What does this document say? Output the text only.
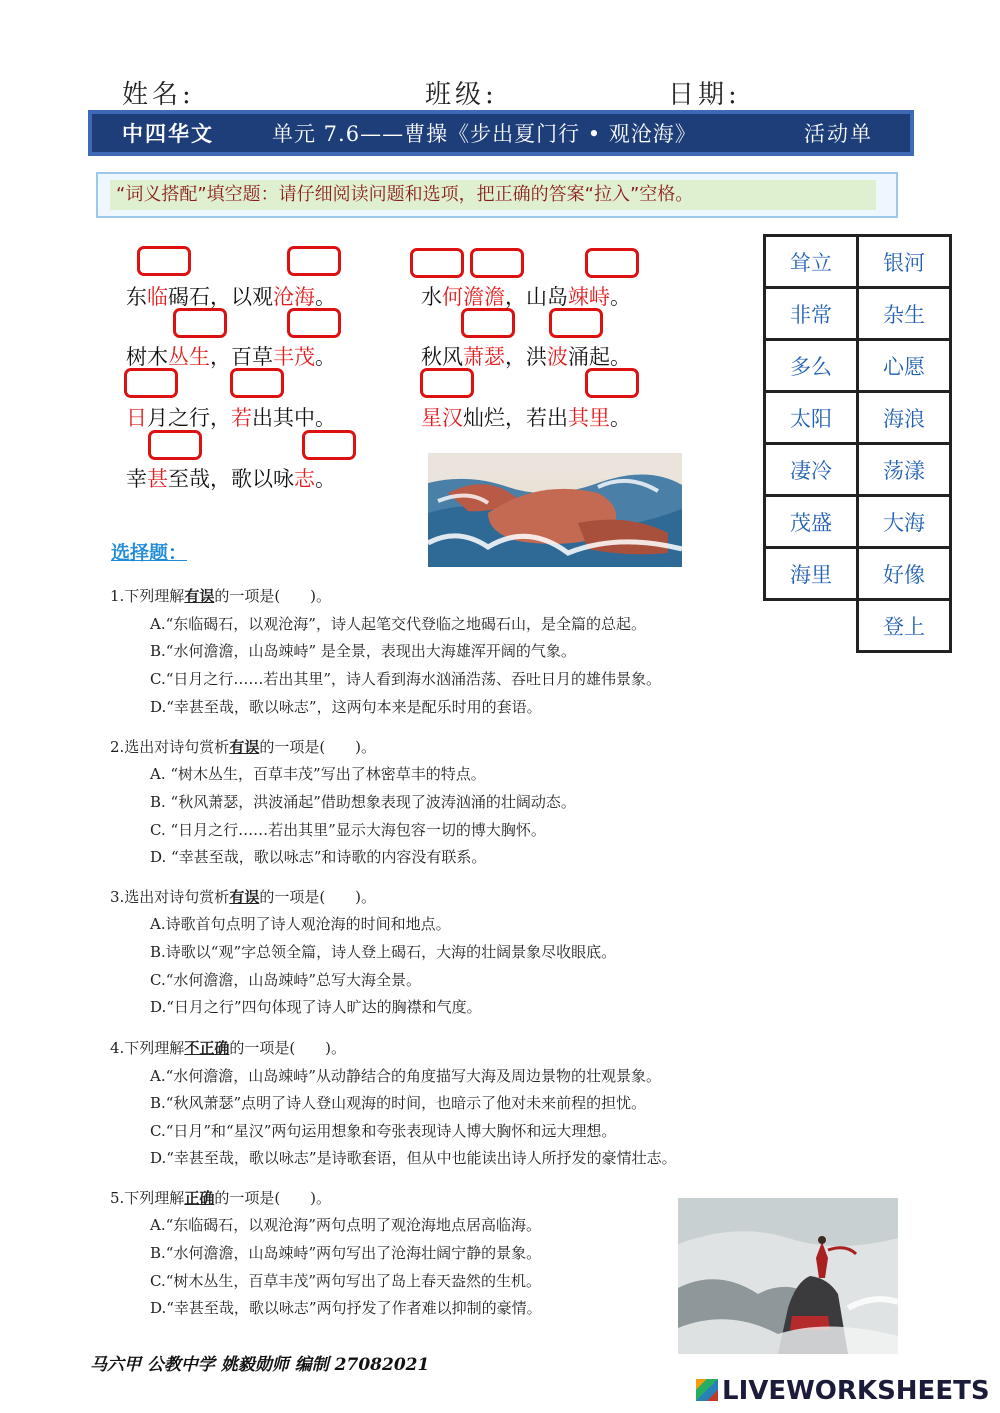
姓名:	班级:	日期:
中四华文	单元 7.6——曹操《步出夏门行 • 观沧海》	活动单
“词义搭配”填空题：请仔细阅读问题和选项，把正确的答案“拉入”空格。
东临碣石，以观沧海。	水何澹澹，山岛竦峙。
树木丛生，百草丰茂。	秋风萧瑟，洪波涌起。
日月之行，若出其中。	星汉灿烂，若出其里。
幸甚至哉，歌以咏志。
耸立	银河
非常	杂生
多么	心愿
太阳	海浪
凄冷	荡漾
茂盛	大海
海里	好像
	登上
选择题：
1.下列理解有误的一项是(　　)。
A.“东临碣石，以观沧海”，诗人起笔交代登临之地碣石山，是全篇的总起。
B.“水何澹澹，山岛竦峙” 是全景，表现出大海雄浑开阔的气象。
C.“日月之行……若出其里”，诗人看到海水汹涌浩荡、吞吐日月的雄伟景象。
D.“幸甚至哉，歌以咏志”，这两句本来是配乐时用的套语。
2.选出对诗句赏析有误的一项是(　　)。
A. “树木丛生，百草丰茂”写出了林密草丰的特点。
B. “秋风萧瑟，洪波涌起”借助想象表现了波涛汹涌的壮阔动态。
C. “日月之行……若出其里”显示大海包容一切的博大胸怀。
D. “幸甚至哉，歌以咏志”和诗歌的内容没有联系。
3.选出对诗句赏析有误的一项是(　　)。
A.诗歌首句点明了诗人观沧海的时间和地点。
B.诗歌以“观”字总领全篇，诗人登上碣石，大海的壮阔景象尽收眼底。
C.“水何澹澹，山岛竦峙”总写大海全景。
D.“日月之行”四句体现了诗人旷达的胸襟和气度。
4.下列理解不正确的一项是(　　)。
A.“水何澹澹，山岛竦峙”从动静结合的角度描写大海及周边景物的壮观景象。
B.“秋风萧瑟”点明了诗人登山观海的时间，也暗示了他对未来前程的担忧。
C.“日月”和“星汉”两句运用想象和夸张表现诗人博大胸怀和远大理想。
D.“幸甚至哉，歌以咏志”是诗歌套语，但从中也能读出诗人所抒发的豪情壮志。
5.下列理解正确的一项是(　　)。
A.“东临碣石，以观沧海”两句点明了观沧海地点居高临海。
B.“水何澹澹，山岛竦峙”两句写出了沧海壮阔宁静的景象。
C.“树木丛生，百草丰茂”两句写出了岛上春天盎然的生机。
D.“幸甚至哉，歌以咏志”两句抒发了作者难以抑制的豪情。
马六甲 公教中学 姚毅勋师 编制 27082021
LIVEWORKSHEETS
